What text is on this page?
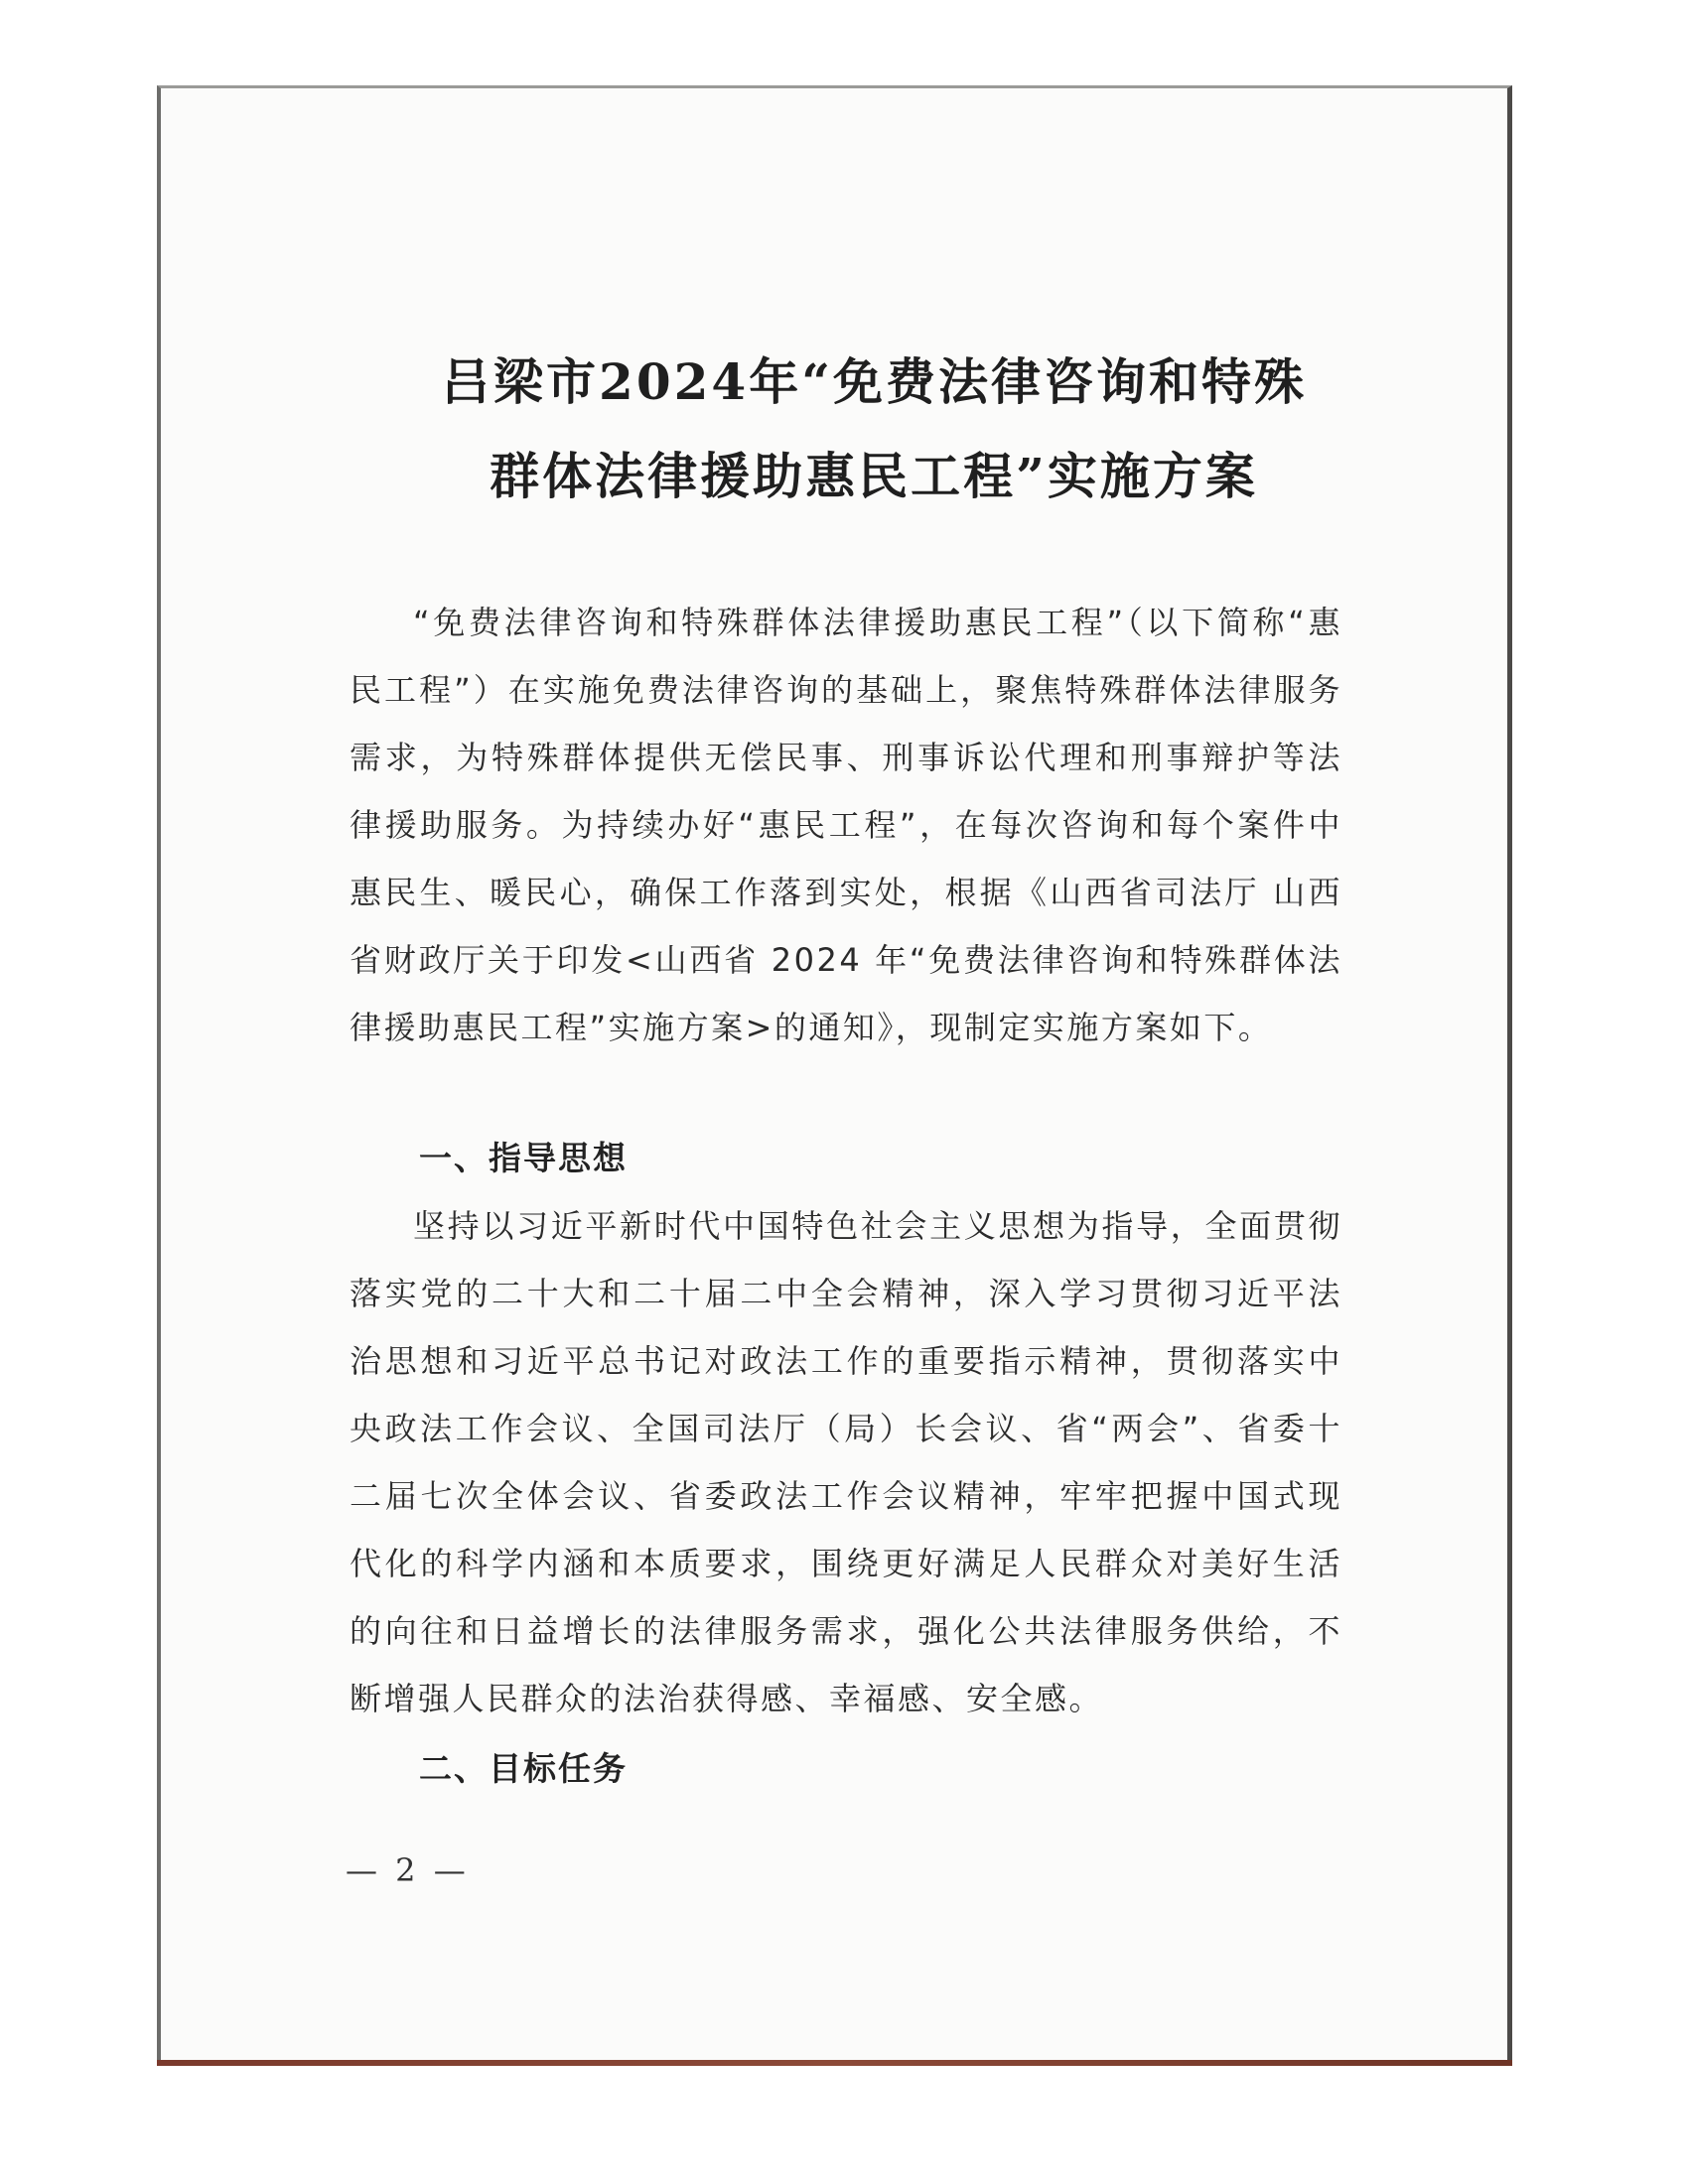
吕梁市2024年“免费法律咨询和特殊
群体法律援助惠民工程”实施方案

“免费法律咨询和特殊群体法律援助惠民工程”（以下简称“惠民工程”）在实施免费法律咨询的基础上，聚焦特殊群体法律服务需求，为特殊群体提供无偿民事、刑事诉讼代理和刑事辩护等法律援助服务。为持续办好“惠民工程”，在每次咨询和每个案件中惠民生、暖民心，确保工作落到实处，根据《山西省司法厅 山西省财政厅关于印发<山西省 2024 年“免费法律咨询和特殊群体法律援助惠民工程”实施方案>的通知》，现制定实施方案如下。

一、指导思想

坚持以习近平新时代中国特色社会主义思想为指导，全面贯彻落实党的二十大和二十届二中全会精神，深入学习贯彻习近平法治思想和习近平总书记对政法工作的重要指示精神，贯彻落实中央政法工作会议、全国司法厅（局）长会议、省“两会”、省委十二届七次全体会议、省委政法工作会议精神，牢牢把握中国式现代化的科学内涵和本质要求，围绕更好满足人民群众对美好生活的向往和日益增长的法律服务需求，强化公共法律服务供给，不断增强人民群众的法治获得感、幸福感、安全感。

二、目标任务

— 2 —
